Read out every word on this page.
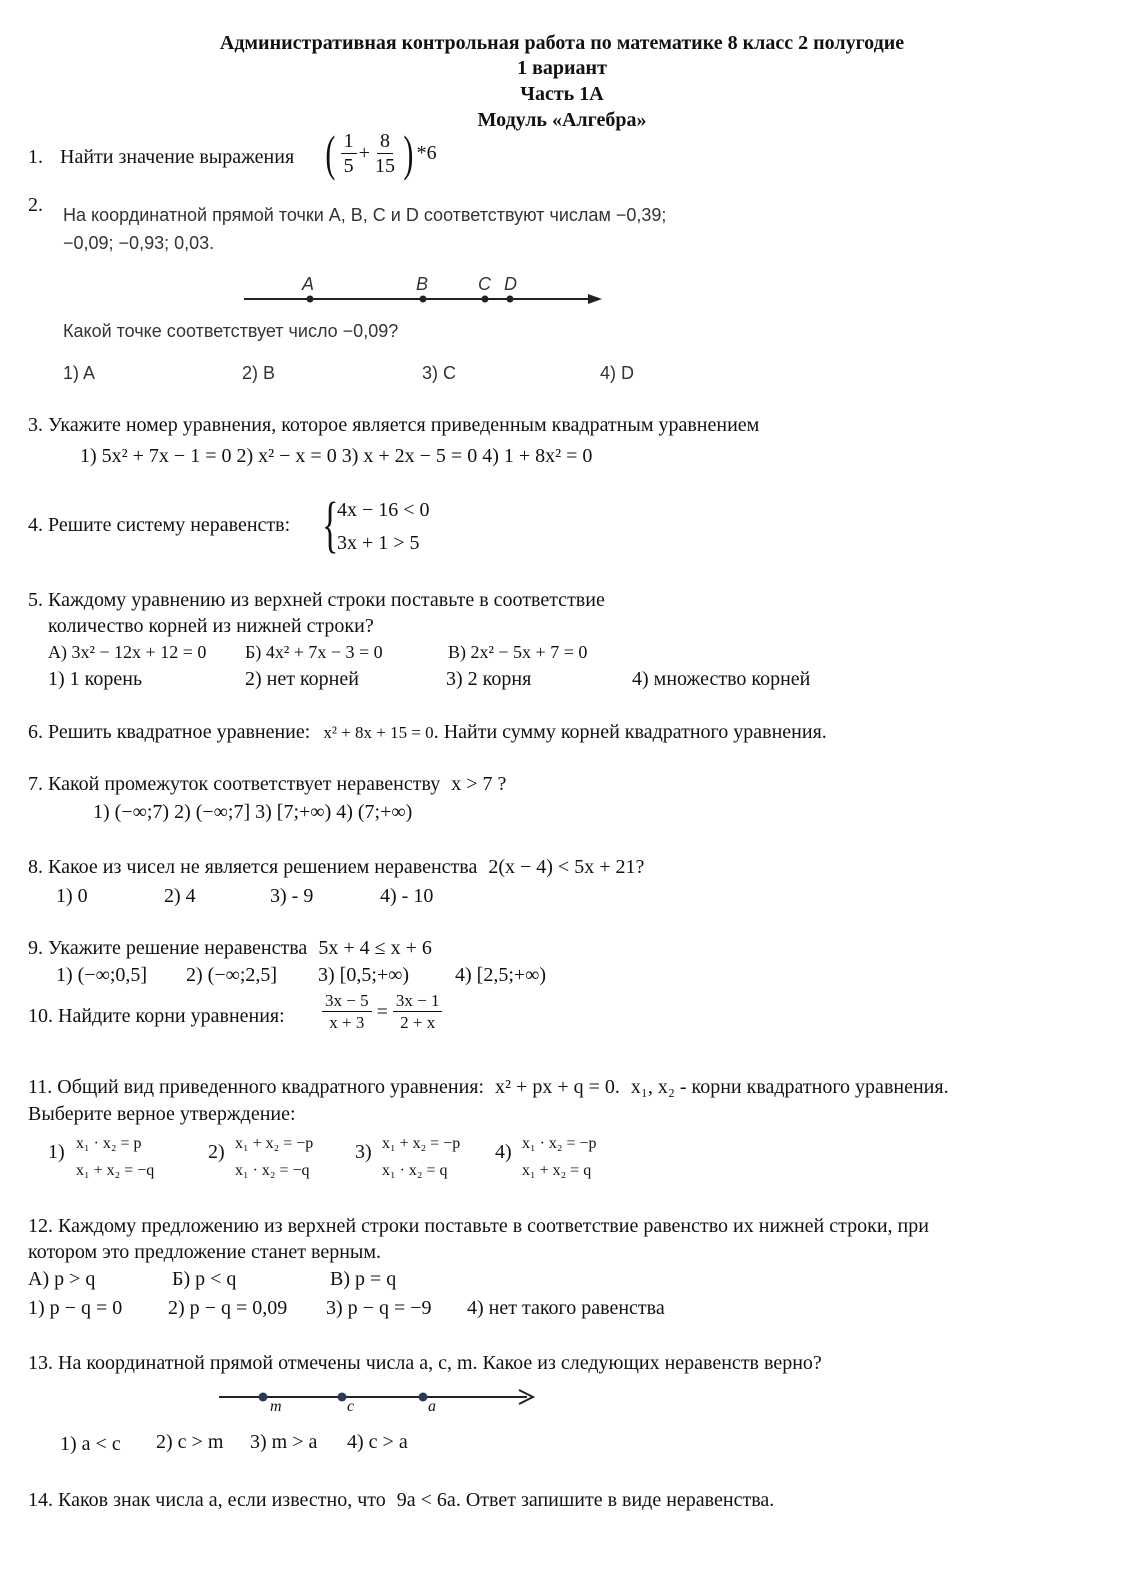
Административная контрольная работа по математике 8 класс 2 полугодие
1 вариант
Часть 1А
Модуль «Алгебра»
1. Найти значение выражения ( $\frac{1}{5} + \frac{8}{15}$ ) *6
2. На координатной прямой точки A, B, C и D соответствуют числам −0,39;
−0,09; −0,93; 0,03.
A	B	C D
Какой точке соответствует число −0,09?
1) A	2) B	3) C	4) D
3. Укажите номер уравнения, которое является приведенным квадратным уравнением
1) 5x² + 7x − 1 = 0 2) x² − x = 0 3) x + 2x − 5 = 0 4) 1 + 8x² = 0
4. Решите систему неравенств: {
4x − 16 < 0
3x + 1 > 5
5. Каждому уравнению из верхней строки поставьте в соответствие
количество корней из нижней строки?
А) 3x² − 12x + 12 = 0 Б) 4x² + 7x − 3 = 0	В) 2x² − 5x + 7 = 0
1) 1 корень	2) нет корней	3) 2 корня	4) множество корней
6. Решить квадратное уравнение: x² + 8x + 15 = 0. Найти сумму корней квадратного уравнения.
7. Какой промежуток соответствует неравенству x > 7 ?
1) (−∞;7) 2) (−∞;7] 3) [7;+∞) 4) (7;+∞)
8. Какое из чисел не является решением неравенства 2(x − 4) < 5x + 21?
1) 0	2) 4	3) - 9	4) - 10
9. Укажите решение неравенства 5x + 4 ≤ x + 6
1) (−∞;0,5] 2) (−∞;2,5] 3) [0,5;+∞) 4) [2,5;+∞)
10. Найдите корни уравнения: $\frac{3x - 5}{x + 3} = \frac{3x - 1}{2 + x}$
11. Общий вид приведенного квадратного уравнения: x² + px + q = 0. x₁, x₂ - корни квадратного уравнения.
Выберите верное утверждение:
1) x₁ · x₂ = p
x₁ + x₂ = −q
2) x₁ + x₂ = −p
x₁ · x₂ = −q
3) x₁ + x₂ = −p
x₁ · x₂ = q
4) x₁ · x₂ = −p
x₁ + x₂ = q
12. Каждому предложению из верхней строки поставьте в соответствие равенство их нижней строки, при
котором это предложение станет верным.
А) p > q	Б) p < q	В) p = q
1) p − q = 0 2) p − q = 0,09 3) p − q = −9 4) нет такого равенства
13. На координатной прямой отмечены числа a, c, m. Какое из следующих неравенств верно?
m	c	a
1) a < c 2) c > m 3) m > a 4) c > a
14. Каков знак числа a, если известно, что 9a < 6a. Ответ запишите в виде неравенства.
